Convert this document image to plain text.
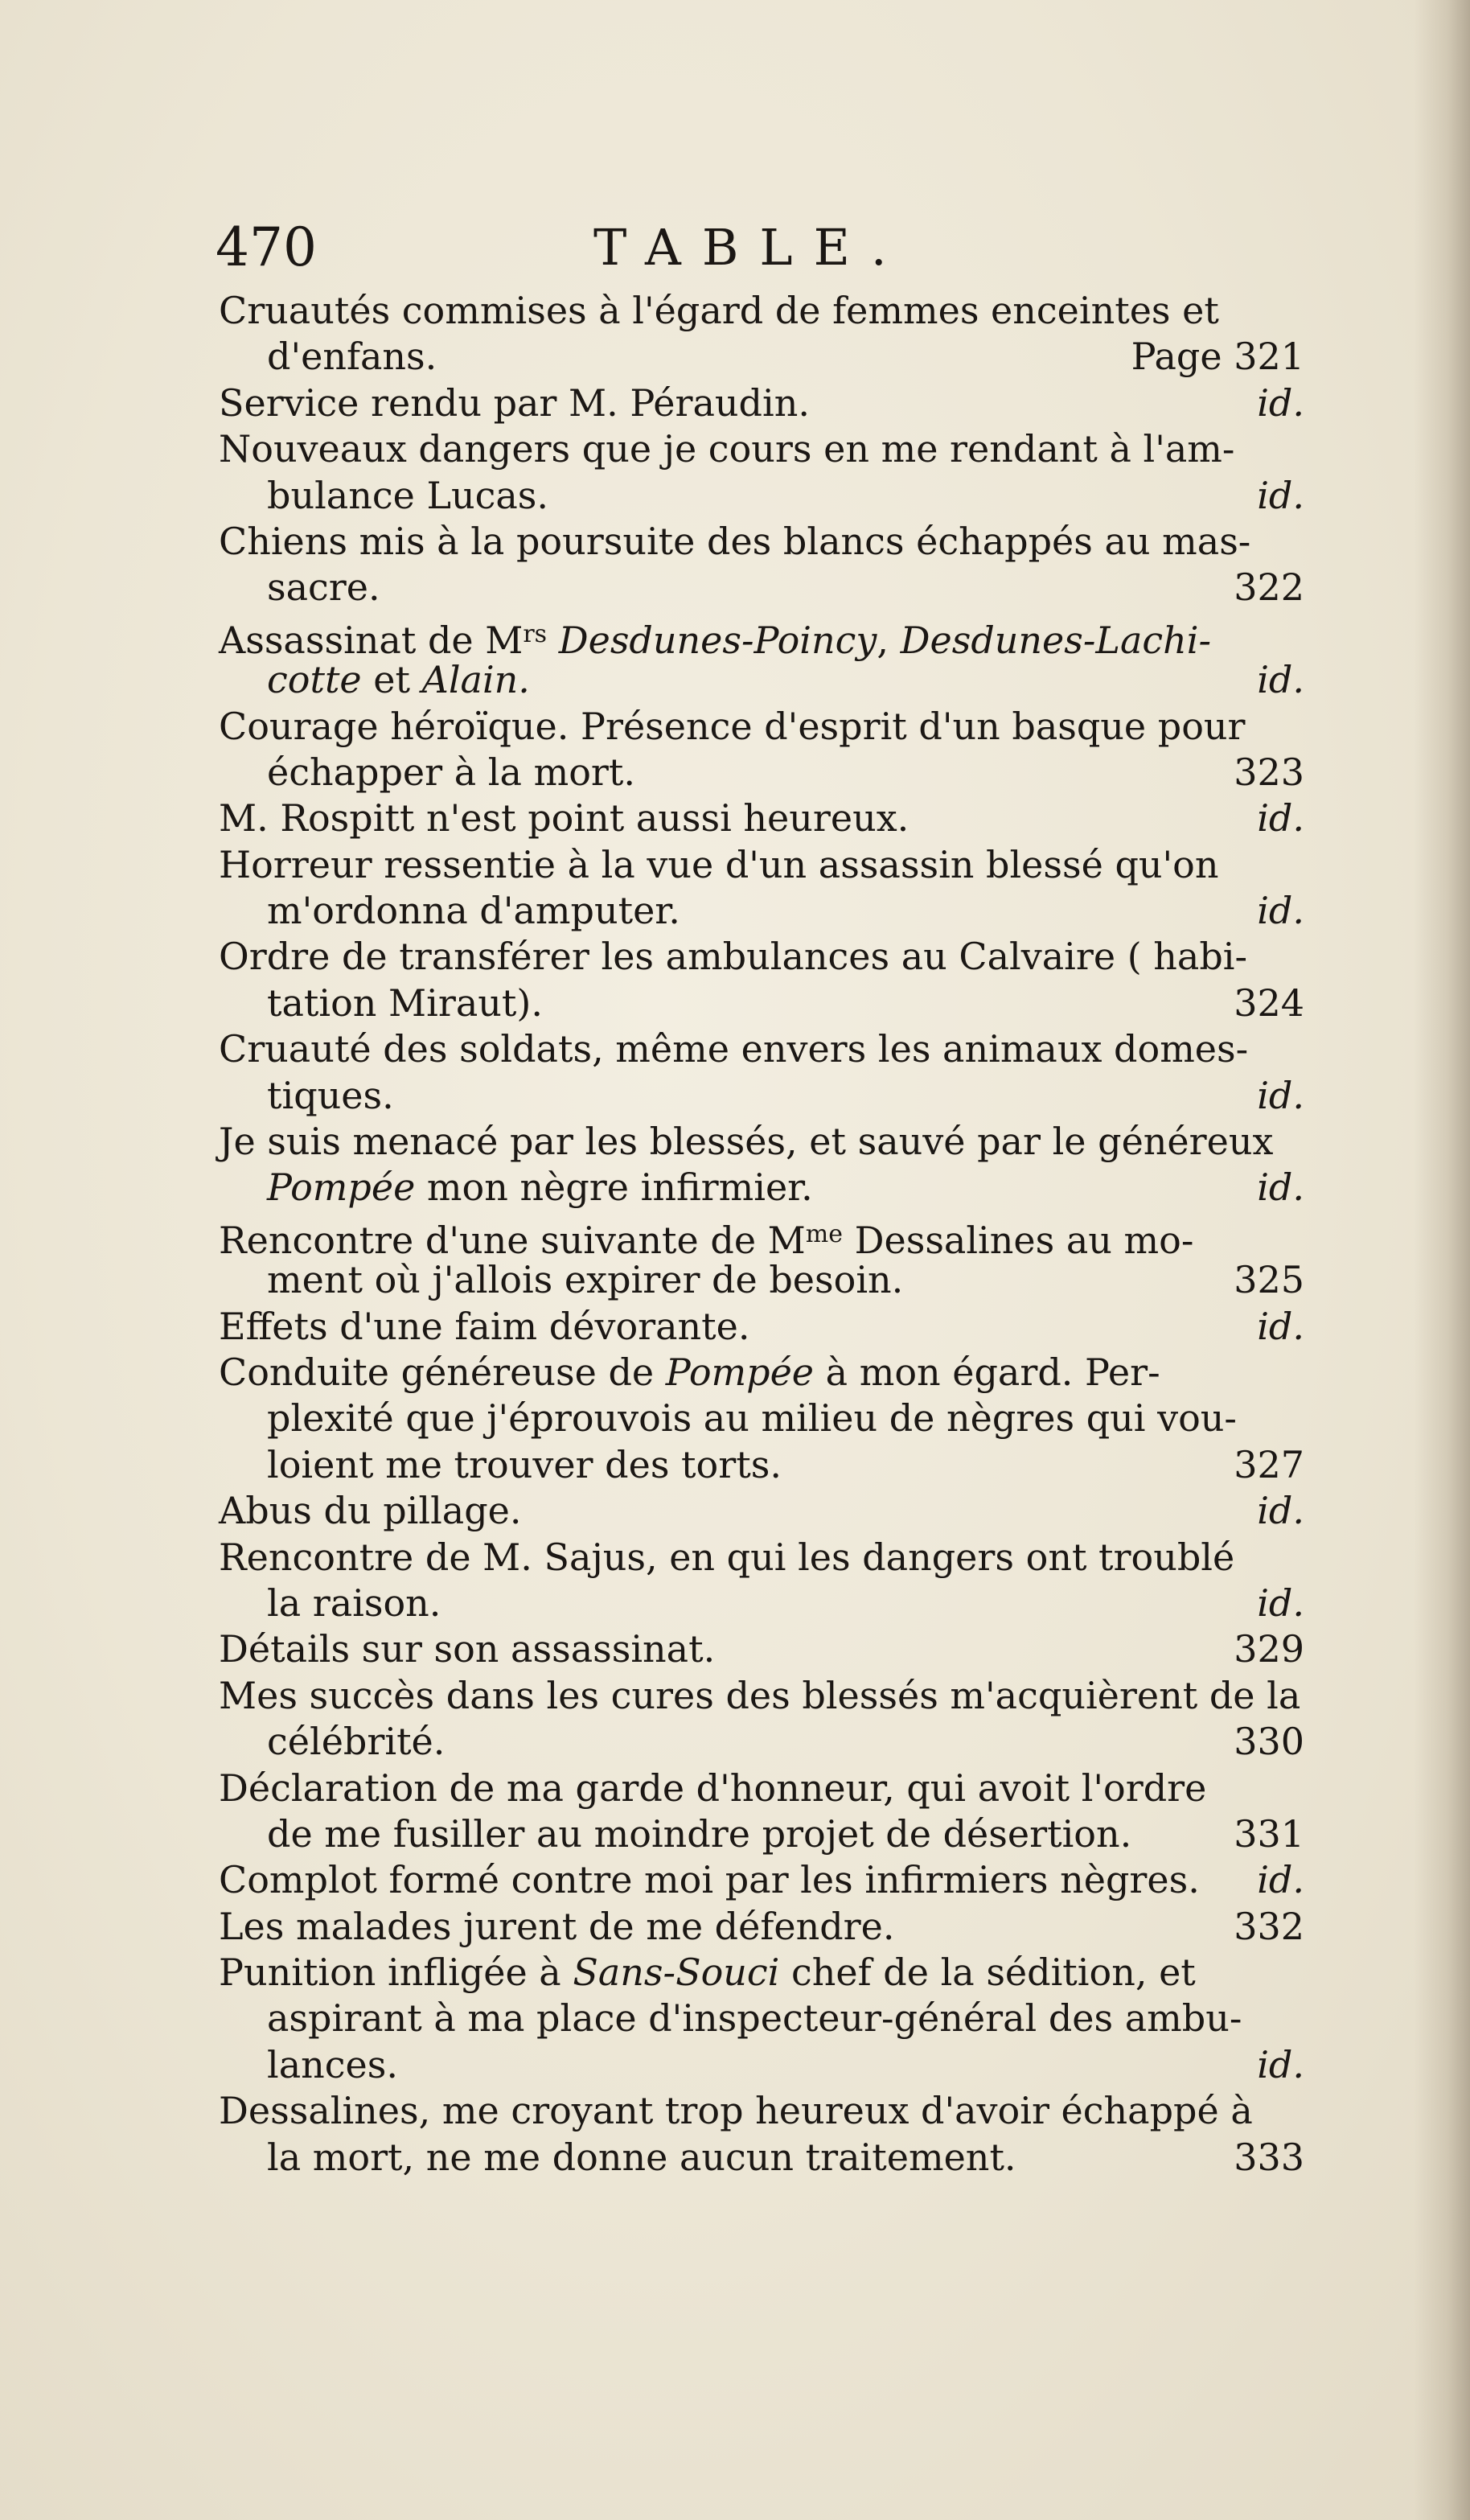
470	TABLE.
Cruautés commises à l'égard de femmes enceintes et
d'enfans.	Page 321
Service rendu par M. Péraudin.	id.
Nouveaux dangers que je cours en me rendant à l'am-
bulance Lucas.	id.
Chiens mis à la poursuite des blancs échappés au mas-
sacre.	322
Assassinat de $M^{rs}$ Desdunes-Poincy, Desdunes-Lachi-
cotte et Alain.	id.
Courage héroïque. Présence d'esprit d'un basque pour
échapper à la mort.	323
M. Rospitt n'est point aussi heureux.	id.
Horreur ressentie à la vue d'un assassin blessé qu'on
m'ordonna d'amputer.	id.
Ordre de transférer les ambulances au Calvaire ( habi-
tation Miraut).	324
Cruauté des soldats, même envers les animaux domes-
tiques.	id.
Je suis menacé par les blessés, et sauvé par le généreux
Pompée mon nègre infirmier.	id.
Rencontre d'une suivante de $M^{me}$ Dessalines au mo-
ment où j'allois expirer de besoin.	325
Effets d'une faim dévorante.	id.
Conduite généreuse de Pompée à mon égard. Per-
plexité que j'éprouvois au milieu de nègres qui vou-
loient me trouver des torts.	327
Abus du pillage.	id.
Rencontre de M. Sajus, en qui les dangers ont troublé
la raison.	id.
Détails sur son assassinat.	329
Mes succès dans les cures des blessés m'acquièrent de la
célébrité.	330
Déclaration de ma garde d'honneur, qui avoit l'ordre
de me fusiller au moindre projet de désertion.	331
Complot formé contre moi par les infirmiers nègres. id.
Les malades jurent de me défendre.	332
Punition infligée à Sans-Souci chef de la sédition, et
aspirant à ma place d'inspecteur-général des ambu-
lances.	id.
Dessalines, me croyant trop heureux d'avoir échappé à
la mort, ne me donne aucun traitement.	333
